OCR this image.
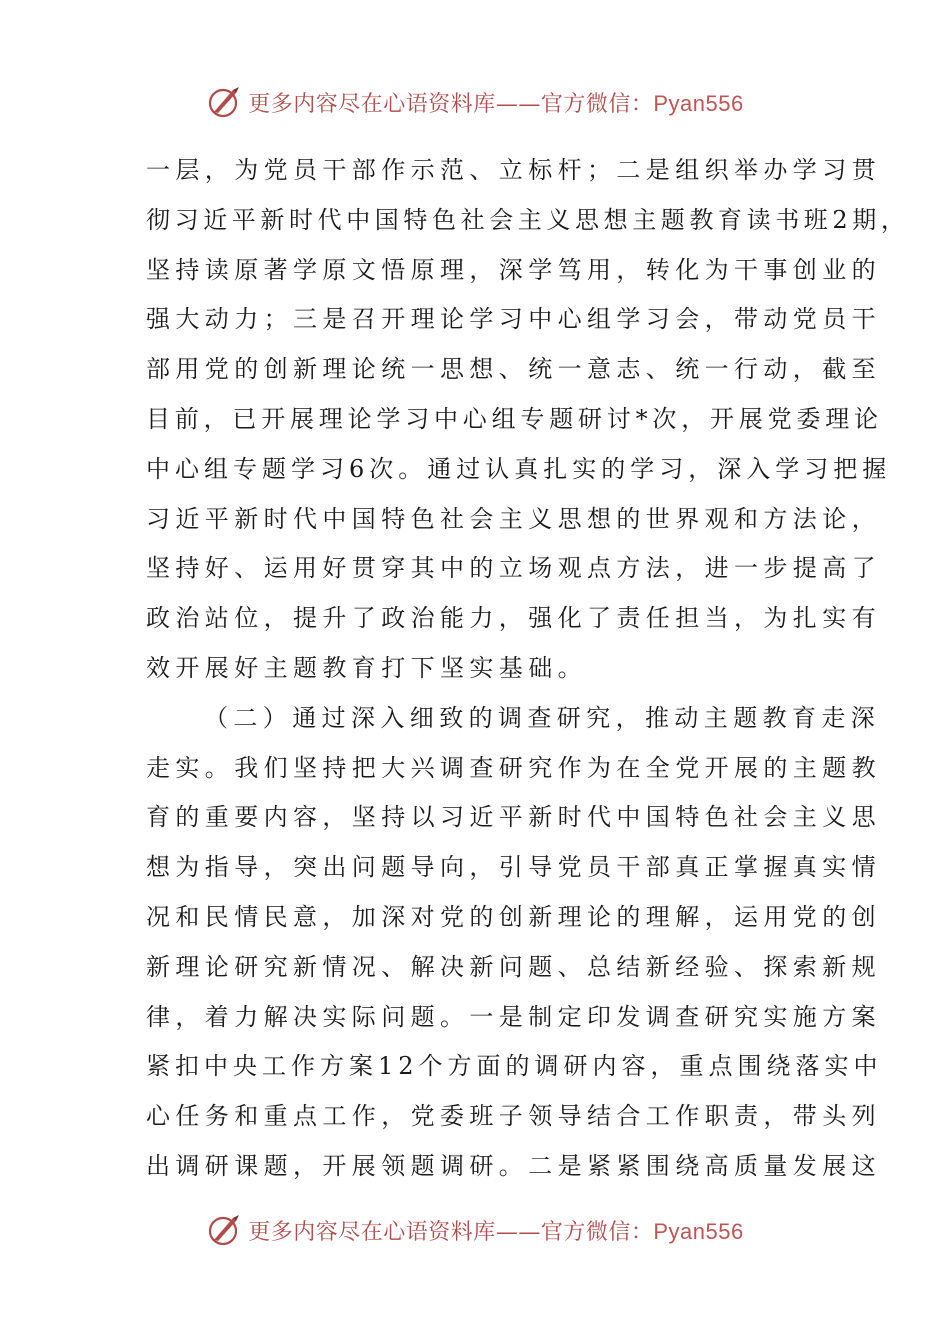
更多内容尽在心语资料库——官方微信：Pyan556
一层，为党员干部作示范、立标杆；二是组织举办学习贯
彻习近平新时代中国特色社会主义思想主题教育读书班2期，
坚持读原著学原文悟原理，深学笃用，转化为干事创业的
强大动力；三是召开理论学习中心组学习会，带动党员干
部用党的创新理论统一思想、统一意志、统一行动，截至
目前，已开展理论学习中心组专题研讨*次，开展党委理论
中心组专题学习6次。通过认真扎实的学习，深入学习把握
习近平新时代中国特色社会主义思想的世界观和方法论，
坚持好、运用好贯穿其中的立场观点方法，进一步提高了
政治站位，提升了政治能力，强化了责任担当，为扎实有
效开展好主题教育打下坚实基础。
（二）通过深入细致的调查研究，推动主题教育走深
走实。我们坚持把大兴调查研究作为在全党开展的主题教
育的重要内容，坚持以习近平新时代中国特色社会主义思
想为指导，突出问题导向，引导党员干部真正掌握真实情
况和民情民意，加深对党的创新理论的理解，运用党的创
新理论研究新情况、解决新问题、总结新经验、探索新规
律，着力解决实际问题。一是制定印发调查研究实施方案
紧扣中央工作方案12个方面的调研内容，重点围绕落实中
心任务和重点工作，党委班子领导结合工作职责，带头列
出调研课题，开展领题调研。二是紧紧围绕高质量发展这
更多内容尽在心语资料库——官方微信：Pyan556
